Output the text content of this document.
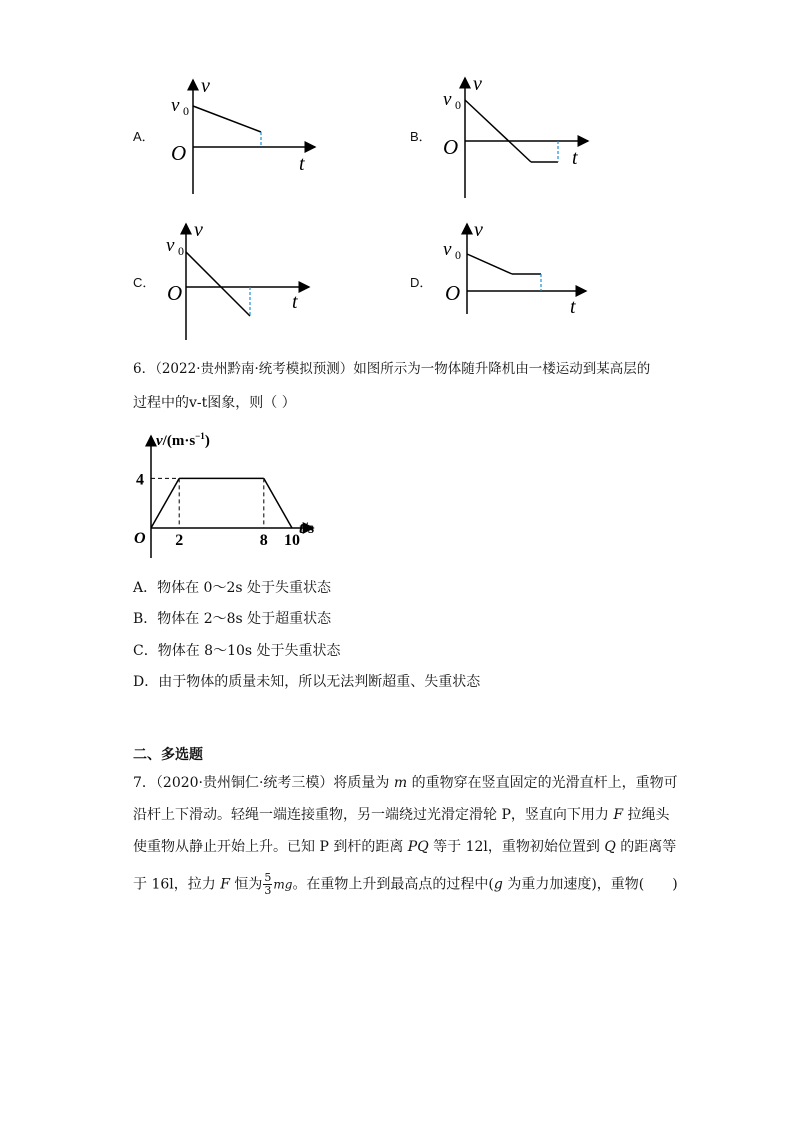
A．
v
v 0
O	t
B．
v
v 0
O	t
C．
v
v 0
O	t
D．
v
v 0
O
t
6．（2022·贵州黔南·统考模拟预测）如图所示为一物体随升降机由一楼运动到某高层的
过程中的v-t图象，则（ ）
$v/(m\cdot s^{-1})$
t/s
O
4
2	8 10
A．物体在 0～2s 处于失重状态
B．物体在 2～8s 处于超重状态
C．物体在 8～10s 处于失重状态
D．由于物体的质量未知，所以无法判断超重、失重状态
二、多选题
7．（2020·贵州铜仁·统考三模）将质量为 m 的重物穿在竖直固定的光滑直杆上，重物可
沿杆上下滑动。轻绳一端连接重物，另一端绕过光滑定滑轮 P，竖直向下用力 F 拉绳头
使重物从静止开始上升。已知 P 到杆的距离 PQ 等于 12l，重物初始位置到 Q 的距离等
于 16l，拉力 F 恒为 $\frac{5}{3}$ mg。在重物上升到最高点的过程中(g 为重力加速度)，重物(　　)
